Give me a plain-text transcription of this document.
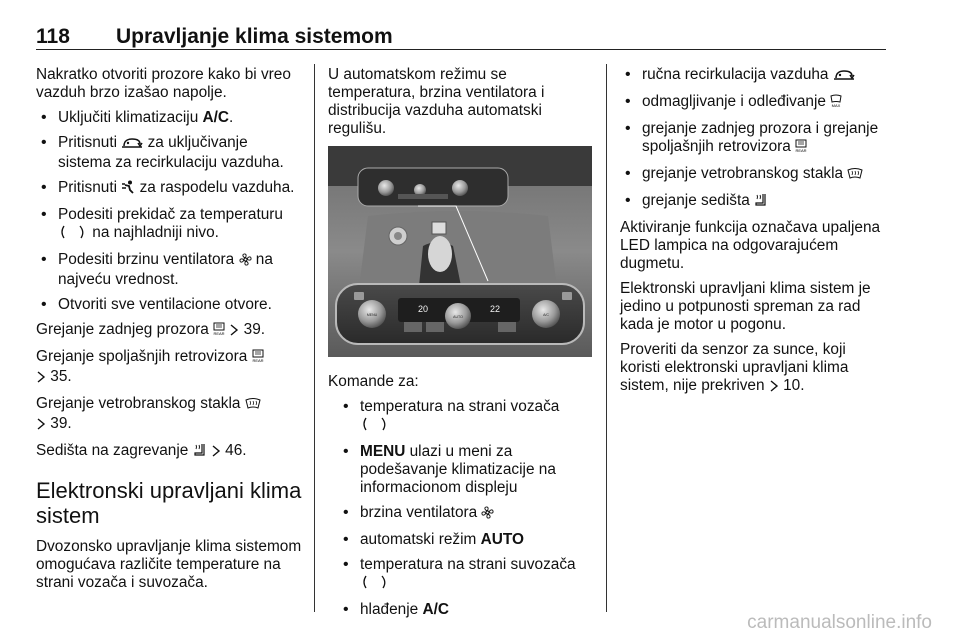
118 Upravljanje klima sistemom

Nakratko otvoriti prozore kako bi vreo vazduh brzo izašao napolje.

• Uključiti klimatizaciju A/C.
• Pritisnuti  za uključivanje sistema za recirkulaciju vazduha.
• Pritisnuti  za raspodelu vazduha.
• Podesiti prekidač za temperaturu
na najhladniji nivo.
• Podesiti brzinu ventilatora  na najveću vrednost.
• Otvoriti sve ventilacione otvore.

Grejanje zadnjeg prozora REAR 39.

Grejanje spoljašnjih retrovizora REAR

35.

Grejanje vetrobranskog stakla
39.

Sedišta na zagrevanje   46.

Elektronski upravljani klima sistem

Dvozonsko upravljanje klima sistemom omogućava različite temperature na strani vozača i suvozača.

U automatskom režimu se temperatura, brzina ventilatora i distribucija vazduha automatski regulišu.

20	22
MENU	AUTO	A/C

Komande za:

• temperatura na strani vozača

• MENU ulazi u meni za podešavanje klimatizacije na informacionom displeju
• brzina ventilatora
• automatski režim AUTO
• temperatura na strani suvozača

• hlađenje A/C
• ručna recirkulacija vazduha
• odmagljivanje i odleđivanje MAX
• grejanje zadnjeg prozora i grejanje spoljašnjih retrovizora REAR
• grejanje vetrobranskog stakla
• grejanje sedišta

Aktiviranje funkcija označava upaljena LED lampica na odgovarajućem dugmetu.

Elektronski upravljani klima sistem je jedino u potpunosti spreman za rad kada je motor u pogonu.

Proveriti da senzor za sunce, koji koristi elektronski upravljani klima sistem, nije prekriven  10.

carmanualsonline.info
